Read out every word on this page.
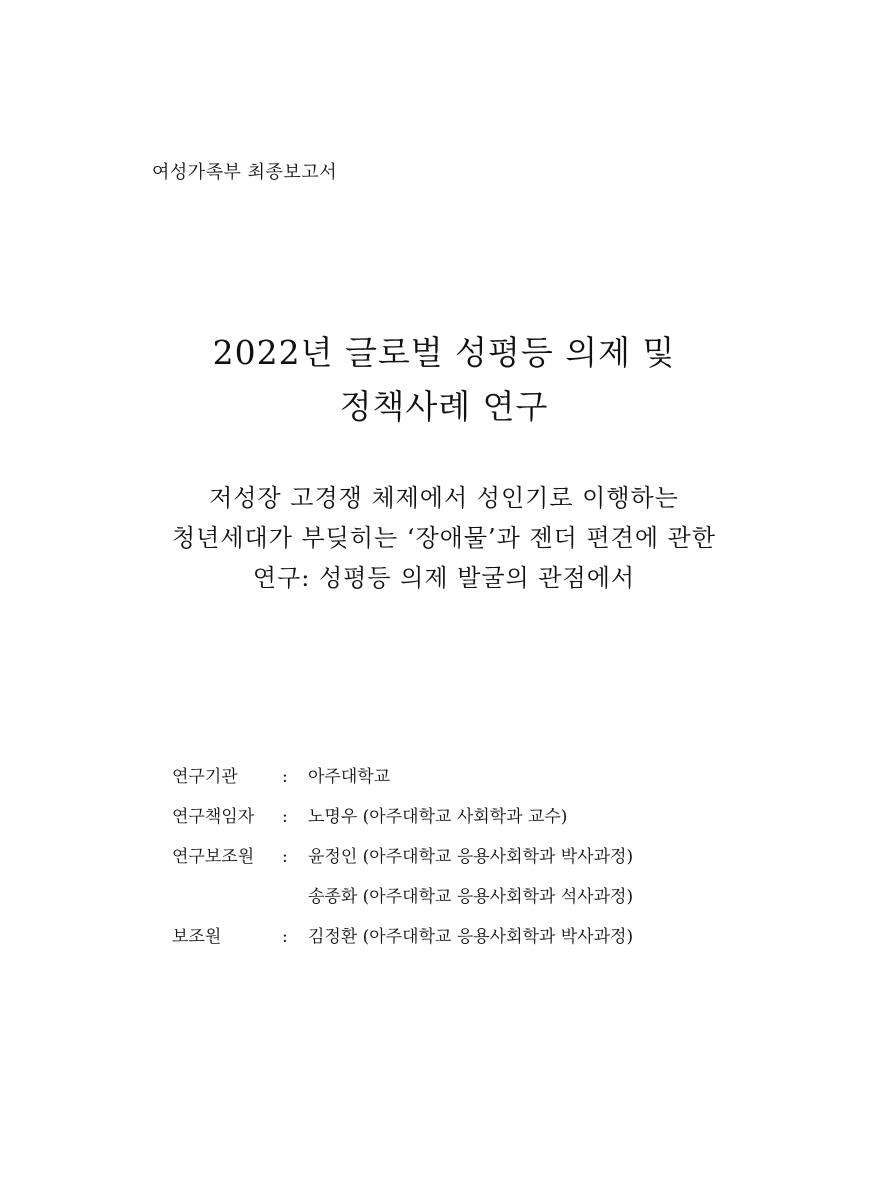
여성가족부 최종보고서
2022년 글로벌 성평등 의제 및
정책사례 연구
저성장 고경쟁 체제에서 성인기로 이행하는
청년세대가 부딪히는 ‘장애물’과 젠더 편견에 관한
연구: 성평등 의제 발굴의 관점에서
연구기관	:	아주대학교
연구책임자	:	노명우 (아주대학교 사회학과 교수)
연구보조원	:	윤정인 (아주대학교 응용사회학과 박사과정)
송종화 (아주대학교 응용사회학과 석사과정)
보조원	:	김정환 (아주대학교 응용사회학과 박사과정)
